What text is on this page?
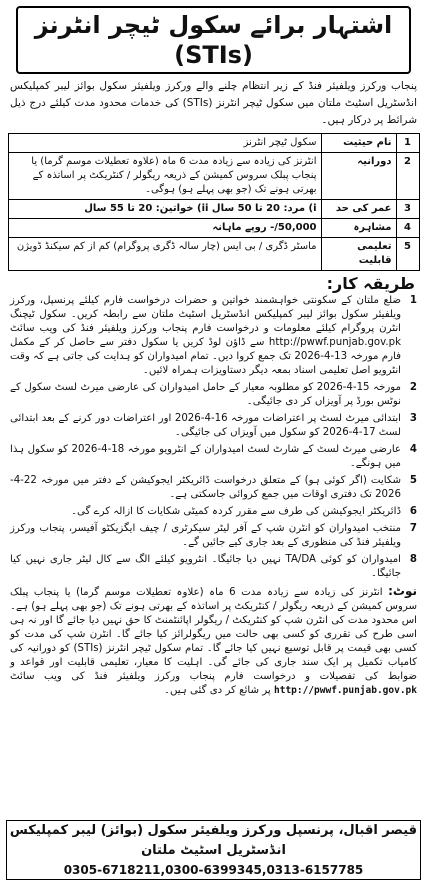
اشتہار برائے سکول ٹیچر انٹرنز (STIs)
پنجاب ورکرز ویلفیئر فنڈ کے زیر انتظام چلنے والے ورکرز ویلفیئر سکول بوائز لیبر کمپلیکس انڈسٹریل اسٹیٹ ملتان میں سکول ٹیچر انٹرنز (STIs) کی خدمات محدود مدت کیلئے درج ذیل شرائط پر درکار ہیں۔
1	نام حیثیت	سکول ٹیچر انٹرنز
2	دورانیہ	انٹرنز کی زیادہ سے زیادہ مدت 6 ماہ (علاوہ تعطیلات موسم گرما) یا پنجاب پبلک سروس کمیشن کے ذریعہ ریگولر / کنٹریکٹ پر اساتذہ کے بھرتی ہونے تک (جو بھی پہلے ہو) ہوگی۔
3	عمر کی حد	i) مرد: 20 تا 50 سال ii) خواتین: 20 تا 55 سال
4	مشاہرہ	50,000/- روپے ماہانہ
5	تعلیمی قابلیت	ماسٹر ڈگری / بی ایس (چار سالہ ڈگری پروگرام) کم از کم سیکنڈ ڈویژن
طریقہ کار:
1
ضلع ملتان کے سکونتی خواہشمند خواتین و حضرات درخواست فارم کیلئے پرنسپل، ورکرز ویلفیئر سکول بوائز لیبر کمپلیکس انڈسٹریل اسٹیٹ ملتان سے رابطہ کریں۔ سکول ٹیچنگ انٹرن پروگرام کیلئے معلومات و درخواست فارم پنجاب ورکرز ویلفیئر فنڈ کی ویب سائٹ http://pwwf.punjab.gov.pk سے ڈاؤن لوڈ کریں یا سکول دفتر سے حاصل کر کے مکمل فارم مورخہ 13-4-2026 تک جمع کروا دیں۔ تمام امیدواران کو ہدایت کی جاتی ہے کہ وقت انٹرویو اصل تعلیمی اسناد بمعہ دیگر دستاویزات ہمراہ لائیں۔
2
مورخہ 15-4-2026 کو مطلوبہ معیار کے حامل امیدواران کی عارضی میرٹ لسٹ سکول کے نوٹس بورڈ پر آویزاں کر دی جائیگی۔
3
ابتدائی میرٹ لسٹ پر اعتراضات مورخہ 16-4-2026 اور اعتراضات دور کرنے کے بعد ابتدائی لسٹ 17-4-2026 کو سکول میں آویزاں کی جائیگی۔
4
عارضی میرٹ لسٹ کے شارٹ لسٹ امیدواران کے انٹرویو مورخہ 18-4-2026 کو سکول ہذا میں ہونگے۔
5
شکایت (اگر کوئی ہو) کے متعلق درخواست ڈائریکٹر ایجوکیشن کے دفتر میں مورخہ 22-4-2026 تک دفتری اوقات میں جمع کروائی جاسکتی ہے۔
6
ڈائریکٹر ایجوکیشن کی طرف سے مقرر کردہ کمیٹی شکایات کا ازالہ کرے گی۔
7
منتخب امیدواران کو انٹرن شپ کے آفر لیٹر سیکرٹری / چیف ایگزیکٹو آفیسر، پنجاب ورکرز ویلفیئر فنڈ کی منظوری کے بعد جاری کیے جائیں گے۔
8
امیدواران کو کوئی TA/DA نہیں دیا جائیگا۔ انٹرویو کیلئے الگ سے کال لیٹر جاری نہیں کیا جائیگا۔
نوٹ: انٹرنز کی زیادہ سے زیادہ مدت 6 ماہ (علاوہ تعطیلات موسم گرما) یا پنجاب پبلک سروس کمیشن کے ذریعہ ریگولر / کنٹریکٹ پر اساتذہ کے بھرتی ہونے تک (جو بھی پہلے ہو) ہے۔ اس محدود مدت کی انٹرن شپ کو کنٹریکٹ / ریگولر اپائنٹمنٹ کا حق نہیں دیا جائے گا اور نہ ہی اسی طرح کی تقرری کو کسی بھی حالت میں ریگولرائز کیا جائے گا۔ انٹرن شپ کی مدت کو کسی بھی قیمت پر قابل توسیع نہیں کیا جائے گا۔ تمام سکول ٹیچر انٹرنز (STIs) کو دورانیہ کی کامیاب تکمیل پر ایک سند جاری کی جائے گی۔ اہلیت کا معیار، تعلیمی قابلیت اور قواعد و ضوابط کی تفصیلات و درخواست فارم پنجاب ورکرز ویلفیئر فنڈ کی ویب سائٹ http://pwwf.punjab.gov.pk پر شائع کر دی گئی ہیں۔
قیصر اقبال، پرنسپل ورکرز ویلفیئر سکول (بوائز) لیبر کمپلیکس انڈسٹریل اسٹیٹ ملتان
0305-6718211,0300-6399345,0313-6157785
